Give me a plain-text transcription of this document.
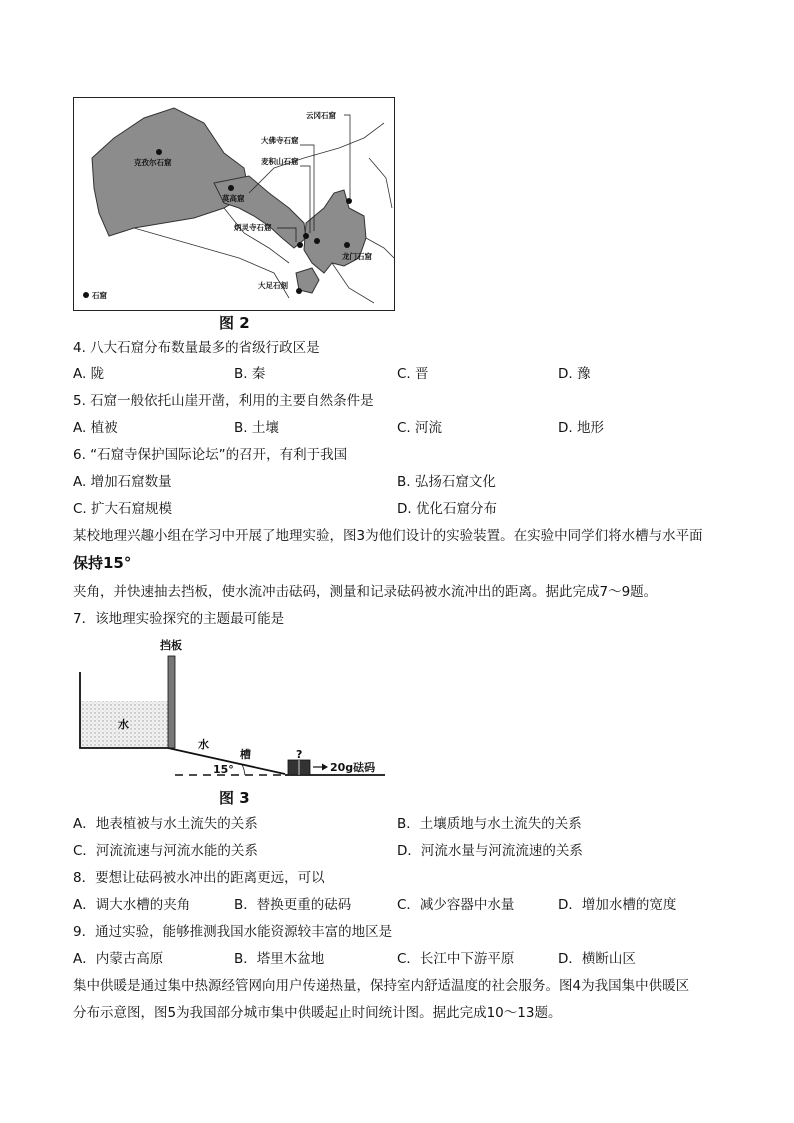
克孜尔石窟
莫高窟
炳灵寺石窟
大佛寺石窟
麦积山石窟
云冈石窟
龙门石窟
大足石刻
石窟
图 2
4. 八大石窟分布数量最多的省级行政区是
A. 陇	B. 秦	C. 晋	D. 豫
5. 石窟一般依托山崖开凿，利用的主要自然条件是
A. 植被	B. 土壤	C. 河流	D. 地形
6. “石窟寺保护国际论坛”的召开，有利于我国
A. 增加石窟数量	B. 弘扬石窟文化
C. 扩大石窟规模	D. 优化石窟分布
某校地理兴趣小组在学习中开展了地理实验，图3为他们设计的实验装置。在实验中同学们将水槽与水平面
保持15°
夹角，并快速抽去挡板，使水流冲击砝码，测量和记录砝码被水流冲出的距离。据此完成7～9题。
7．该地理实验探究的主题最可能是
挡板
水
水
槽
15°
?
20g砝码
图 3
A．地表植被与水土流失的关系	B．土壤质地与水土流失的关系
C．河流流速与河流水能的关系	D．河流水量与河流流速的关系
8．要想让砝码被水冲出的距离更远，可以
A．调大水槽的夹角	B．替换更重的砝码	C．减少容器中水量	D．增加水槽的宽度
9．通过实验，能够推测我国水能资源较丰富的地区是
A．内蒙古高原	B．塔里木盆地	C．长江中下游平原	D．横断山区
集中供暖是通过集中热源经管网向用户传递热量，保持室内舒适温度的社会服务。图4为我国集中供暖区
分布示意图，图5为我国部分城市集中供暖起止时间统计图。据此完成10～13题。
